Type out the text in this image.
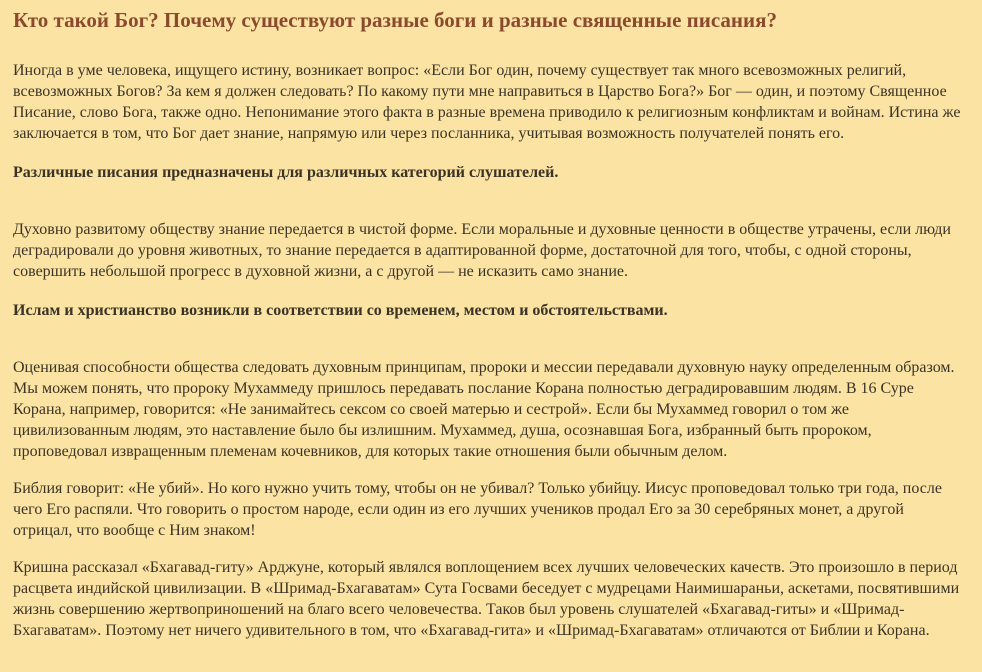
Кто такой Бог? Почему существуют разные боги и разные священные писания?

Иногда в уме человека, ищущего истину, возникает вопрос: «Если Бог один, почему существует так много всевозможных религий, всевозможных Богов? За кем я должен следовать? По какому пути мне направиться в Царство Бога?» Бог — один, и поэтому Священное Писание, слово Бога, также одно. Непонимание этого факта в разные времена приводило к религиозным конфликтам и войнам. Истина же заключается в том, что Бог дает знание, напрямую или через посланника, учитывая возможность получателей понять его.

Различные писания предназначены для различных категорий слушателей.

Духовно развитому обществу знание передается в чистой форме. Если моральные и духовные ценности в обществе утрачены, если люди деградировали до уровня животных, то знание передается в адаптированной форме, достаточной для того, чтобы, с одной стороны, совершить небольшой прогресс в духовной жизни, а с другой — не исказить само знание.

Ислам и христианство возникли в соответствии со временем, местом и обстоятельствами.

Оценивая способности общества следовать духовным принципам, пророки и мессии передавали духовную науку определенным образом. Мы можем понять, что пророку Мухаммеду пришлось передавать послание Корана полностью деградировавшим людям. В 16 Суре Корана, например, говорится: «Не занимайтесь сексом со своей матерью и сестрой». Если бы Мухаммед говорил о том же цивилизованным людям, это наставление было бы излишним. Мухаммед, душа, осознавшая Бога, избранный быть пророком, проповедовал извращенным племенам кочевников, для которых такие отношения были обычным делом.

Библия говорит: «Не убий». Но кого нужно учить тому, чтобы он не убивал? Только убийцу. Иисус проповедовал только три года, после чего Его распяли. Что говорить о простом народе, если один из его лучших учеников продал Его за 30 серебряных монет, а другой отрицал, что вообще с Ним знаком!

Кришна рассказал «Бхагавад-гиту» Арджуне, который являлся воплощением всех лучших человеческих качеств. Это произошло в период расцвета индийской цивилизации. В «Шримад-Бхагаватам» Сута Госвами беседует с мудрецами Наимишараньи, аскетами, посвятившими жизнь совершению жертвоприношений на благо всего человечества. Таков был уровень слушателей «Бхагавад-гиты» и «Шримад-Бхагаватам». Поэтому нет ничего удивительного в том, что «Бхагавад-гита» и «Шримад-Бхагаватам» отличаются от Библии и Корана.
